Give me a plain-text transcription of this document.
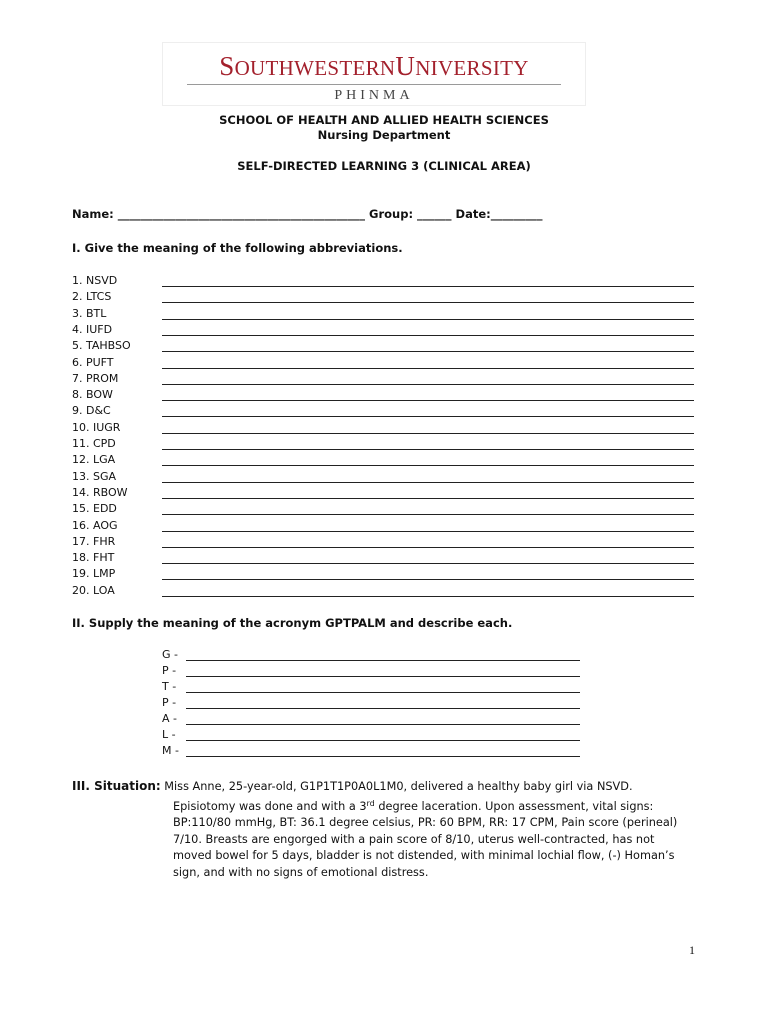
SOUTHWESTERNUNIVERSITY
PHINMA
SCHOOL OF HEALTH AND ALLIED HEALTH SCIENCES
Nursing Department
SELF-DIRECTED LEARNING 3 (CLINICAL AREA)
Name: ___________________________________________ Group: ______ Date:_________
I. Give the meaning of the following abbreviations.
1. NSVD
2. LTCS
3. BTL
4. IUFD
5. TAHBSO
6. PUFT
7. PROM
8. BOW
9. D&C
10. IUGR
11. CPD
12. LGA
13. SGA
14. RBOW
15. EDD
16. AOG
17. FHR
18. FHT
19. LMP
20. LOA
II. Supply the meaning of the acronym GPTPALM and describe each.
G -
P -
T -
P -
A -
L -
M -
III. Situation: Miss Anne, 25-year-old, G1P1T1P0A0L1M0, delivered a healthy baby girl via NSVD.
Episiotomy was done and with a 3rd degree laceration. Upon assessment, vital signs:
BP:110/80 mmHg, BT: 36.1 degree celsius, PR: 60 BPM, RR: 17 CPM, Pain score (perineal)
7/10. Breasts are engorged with a pain score of 8/10, uterus well-contracted, has not
moved bowel for 5 days, bladder is not distended, with minimal lochial flow, (-) Homan’s
sign, and with no signs of emotional distress.
1
